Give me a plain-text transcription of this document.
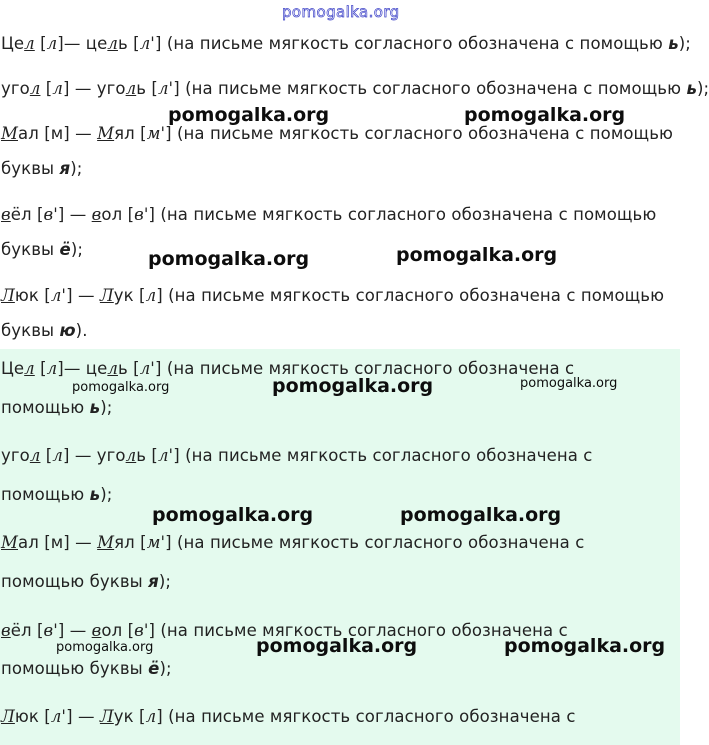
pomogalka.org
Цел [л]— цель [л'] (на письме мягкость согласного обозначена с помощью ь);
угол [л] — уголь [л'] (на письме мягкость согласного обозначена с помощью ь);
Мал [м] — Мял [м'] (на письме мягкость согласного обозначена с помощью
буквы я);
вёл [в'] — вол [в'] (на письме мягкость согласного обозначена с помощью
буквы ё);
Люк [л'] — Лук [л] (на письме мягкость согласного обозначена с помощью
буквы ю).
Цел [л]— цель [л'] (на письме мягкость согласного обозначена с
помощью ь);
угол [л] — уголь [л'] (на письме мягкость согласного обозначена с
помощью ь);
Мал [м] — Мял [м'] (на письме мягкость согласного обозначена с
помощью буквы я);
вёл [в'] — вол [в'] (на письме мягкость согласного обозначена с
помощью буквы ё);
Люк [л'] — Лук [л] (на письме мягкость согласного обозначена с
pomogalka.org	pomogalka.org
pomogalka.org	pomogalka.org
pomogalka.org	pomogalka.org	pomogalka.org
pomogalka.org	pomogalka.org
pomogalka.org	pomogalka.org	pomogalka.org
